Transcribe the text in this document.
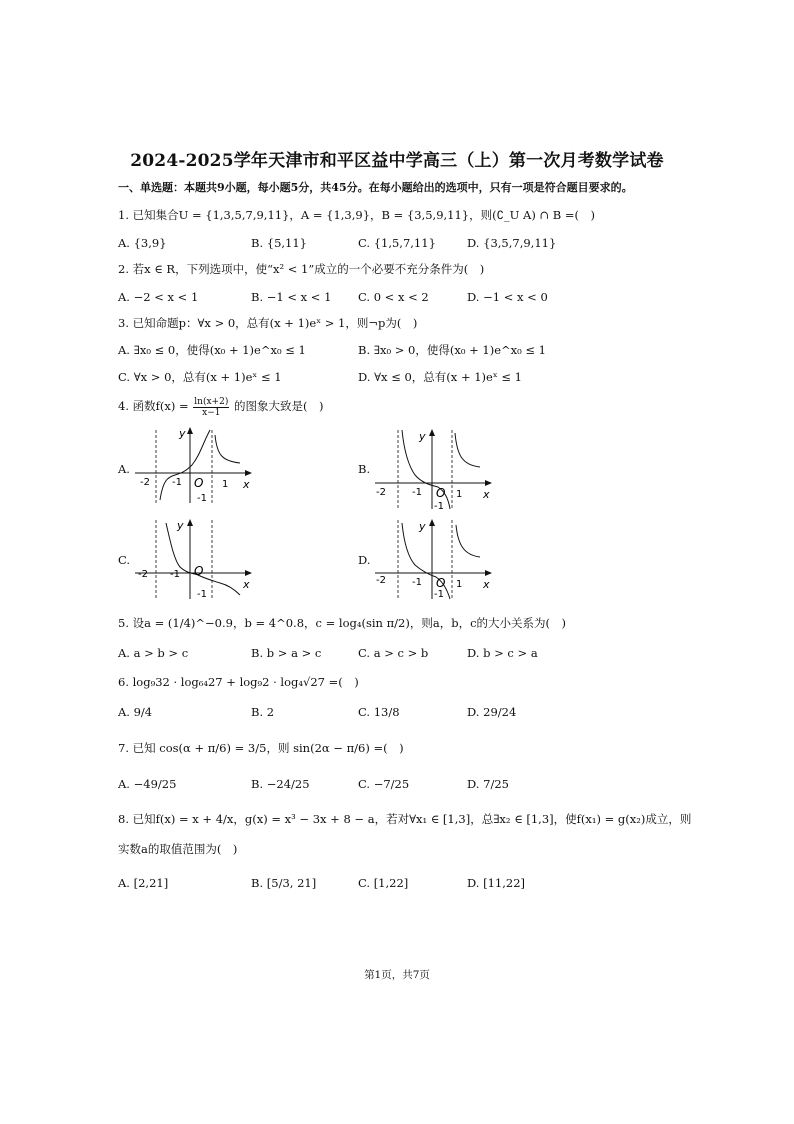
2024-2025学年天津市和平区益中学高三（上）第一次月考数学试卷
一、单选题：本题共9小题，每小题5分，共45分。在每小题给出的选项中，只有一项是符合题目要求的。
1. 已知集合U = {1,3,5,7,9,11}，A = {1,3,9}，B = {3,5,9,11}，则(∁_U A) ∩ B =(　)
A. {3,9}	B. {5,11}	C. {1,5,7,11}	D. {3,5,7,9,11}
2. 若x ∈ R，下列选项中，使“x² < 1”成立的一个必要不充分条件为(　)
A. −2 < x < 1	B. −1 < x < 1 C. 0 < x < 2	D. −1 < x < 0
3. 已知命题p：∀x > 0，总有(x + 1)eˣ > 1，则¬p为(　)
A. ∃x₀ ≤ 0，使得(x₀ + 1)e^x₀ ≤ 1	B. ∃x₀ > 0，使得(x₀ + 1)e^x₀ ≤ 1
C. ∀x > 0，总有(x + 1)eˣ ≤ 1	D. ∀x ≤ 0，总有(x + 1)eˣ ≤ 1
4. 函数$f(x) = \frac{\ln(x+2)}{x-1}$ 的图象大致是(　)
A.	B.
C.	D.
y
x
O
-2 -1	1
-1
y
x
O
-2	-1	1
-1
y
x
O
-2 -1
-1
y
x
O
-2	-1	1
-1
5. 设a = (1/4)^−0.9，b = 4^0.8，c = log₄(sin π/2)，则a，b，c的大小关系为(　)
A. a > b > c	B. b > a > c	C. a > c > b	D. b > c > a
6. log₉32 · log₆₄27 + log₉2 · log₄√27 =(　)
A. 9/4	B. 2	C. 13/8	D. 29/24
7. 已知 cos(α + π/6) = 3/5，则 sin(2α − π/6) =(　)
A. −49/25	B. −24/25	C. −7/25	D. 7/25
8. 已知f(x) = x + 4/x，g(x) = x³ − 3x + 8 − a，若对∀x₁ ∈ [1,3]，总∃x₂ ∈ [1,3]，使f(x₁) = g(x₂)成立，则
实数a的取值范围为(　)
A. [2,21]	B. [5/3, 21]	C. [1,22]	D. [11,22]
第1页，共7页
